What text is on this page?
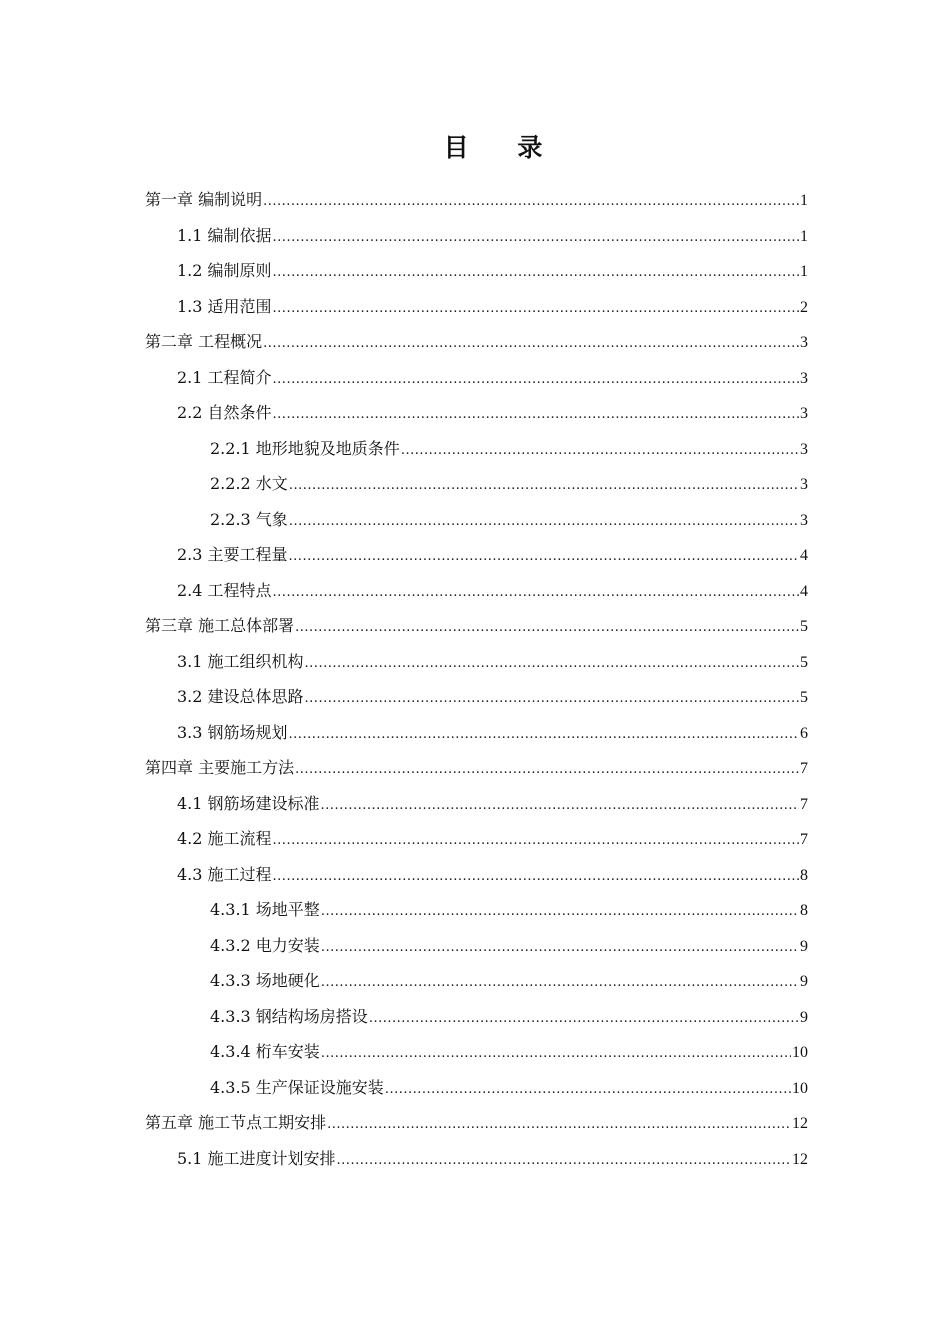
目 录
第一章 编制说明 .....	1
1.1 编制依据 .....	1
1.2 编制原则 .....	1
1.3 适用范围 .....	2
第二章 工程概况 .....	3
2.1 工程简介 .....	3
2.2 自然条件 .....	3
2.2.1 地形地貌及地质条件 .....	3
2.2.2 水文 .....	3
2.2.3 气象 .....	3
2.3 主要工程量 .....	4
2.4 工程特点 .....	4
第三章 施工总体部署 .....	5
3.1 施工组织机构 .....	5
3.2 建设总体思路 .....	5
3.3 钢筋场规划 .....	6
第四章 主要施工方法 .....	7
4.1 钢筋场建设标准 .....	7
4.2 施工流程 .....	7
4.3 施工过程 .....	8
4.3.1 场地平整 .....	8
4.3.2 电力安装 .....	9
4.3.3 场地硬化 .....	9
4.3.3 钢结构场房搭设 .....	9
4.3.4 桁车安装 .....	10
4.3.5 生产保证设施安装 .....	10
第五章 施工节点工期安排 .....	12
5.1 施工进度计划安排 .....	12
